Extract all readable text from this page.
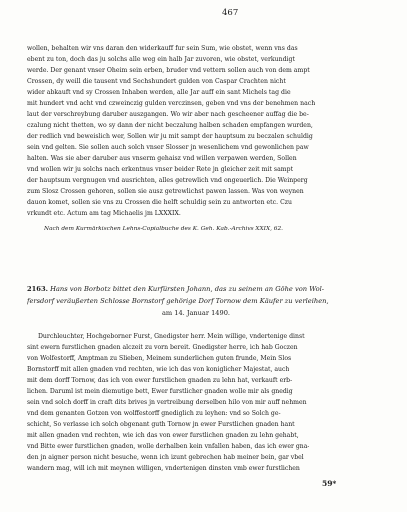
467
wollen, behalten wir vns daran den widerkauff fur sein Sum, wie obstet, wenn vns das
ebent zu ton, doch das ju solchs alle weg ein halb Jar zuvoren, wie obstet, verkundigt
werde. Der genant vnser Oheim sein erben, bruder vnd vettern sollen auch von dem ampt
Crossen, dy weill die tausent vnd Sechshundert gulden von Caspar Crachten nicht
wider abkauft vnd sy Crossen Inhaben werden, alle Jar auff ein sant Michels tag die
mit hundert vnd acht vnd czweinczig gulden verczinsen, geben vnd vns der benehmen nach
laut der verschreybung daruber auszgangen. Wo wir aber nach gescheener auffag die be-
czalung nicht thetten, wo sy dann der nicht beczalung halben schaden empfangen wurden,
der redlich vnd beweislich wer, Sollen wir ju mit sampt der hauptsum zu beczalen schuldig
sein vnd gelten. Sie sollen auch solch vnser Slosser jn wesenlichem vnd gewonlichen paw
halten. Was sie aber daruber aus vnserm gehaisz vnd willen verpawen werden, Sollen
vnd wollen wir ju solchs nach erkentnus vnser beider Rete jn gleicher zeit mit sampt
der hauptsum vergnugen vnd ausrichten, alles getrewlich vnd ongeuerlich. Die Weinperg
zum Slosz Crossen gehoren, sollen sie ausz getrewlichst pawen lassen. Was von weynen
dauon komet, sollen sie vns zu Crossen die helft schuldig sein zu antworten etc. Czu
vrkundt etc. Actum am tag Michaelis jm LXXXIX.
Nach dem Kurmärkischen Lehns-Copialbuche des K. Geh. Kab.-Archivs XXIX, 62.
2163. Hans von Borbotz bittet den Kurfürsten Johann, das zu seinem an Göhe von Wol-
fersdorf veräußerten Schlosse Bornstorf gehörige Dorf Tornow dem Käufer zu verleihen,
am 14. Januar 1490.
Durchleuchter, Hochgeborner Furst, Gnedigster herr. Mein willige, vndertenige dinst
sint ewern furstlichen gnaden alczeit zu vorn bereit. Gnedigster herre, ich hab Goczen
von Wolfestorff, Amptman zu Slieben, Meinem sunderlichen guten frunde, Mein Slos
Bornstorff mit allen gnaden vnd rechten, wie ich das von koniglicher Majestat, auch
mit dem dorff Tornow, das ich von ewer furstlichen gnaden zu lehn hat, verkauft erb-
lichen. Daruml ist mein diemutige bett, Ewer furstlicher gnaden wolle mir als gnedig
sein vnd solch dorff in craft dits brives jn vertreibung derselben hilo von mir auff nehmen
vnd dem genanten Gotzen von wolffestorff gnediglich zu leyhen: vnd so Solch ge-
schicht, So verlasse ich solch obgenant guth Tornow jn ewer Furstlichen gnaden hant
mit allen gnaden vnd rechten, wie ich das von ewer furstlichen gnaden zu lehn gehabt,
vnd Bitte ewer furstlichen gnaden, wolle derhalben kein vnfallen haben, das ich ewer gna-
den jn aigner person nicht besuche, wenn ich izunt gebrechen hab meiner bein, gar vbel
wandern mag, will ich mit meynen willigen, vndertenigen dinsten vmb ewer furstlichen
59*
